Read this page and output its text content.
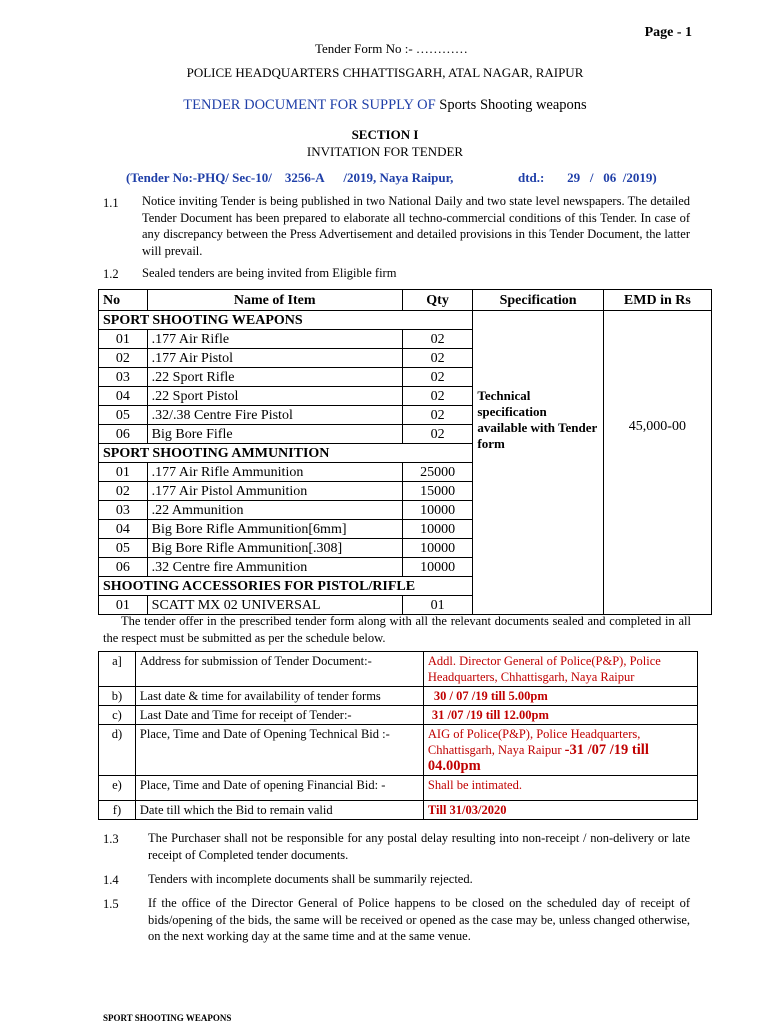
Page - 1
Tender Form No :- …………
POLICE HEADQUARTERS CHHATTISGARH, ATAL NAGAR, RAIPUR
TENDER DOCUMENT FOR SUPPLY OF Sports Shooting weapons
SECTION I
INVITATION FOR TENDER
(Tender No:-PHQ/ Sec-10/    3256-A      /2019, Naya Raipur,	dtd.:       29   /   06  /2019)
1.1 Notice inviting Tender is being published in two National Daily and two state level newspapers. The detailed Tender Document has been prepared to elaborate all techno-commercial conditions of this Tender. In case of any discrepancy between the Press Advertisement and detailed provisions in this Tender Document, the latter will prevail.
1.2 Sealed tenders are being invited from Eligible firm
No	Name of Item	Qty	Specification	EMD in Rs
SPORT SHOOTING WEAPONS				
01	.177 Air Rifle	02	Technical specification available with Tender form	45,000-00
02	.177 Air Pistol	02		
03	.22 Sport Rifle	02		
04	.22 Sport Pistol	02		
05	.32/.38 Centre Fire Pistol	02		
06	Big Bore Fifle	02		
SPORT SHOOTING AMMUNITION				
01	.177 Air Rifle Ammunition	25000		
02	.177 Air Pistol Ammunition	15000		
03	.22 Ammunition	10000		
04	Big Bore Rifle Ammunition[6mm]	10000		
05	Big Bore Rifle Ammunition[.308]	10000		
06	.32 Centre fire Ammunition	10000		
SHOOTING ACCESSORIES FOR PISTOL/RIFLE				
01	SCATT MX 02 UNIVERSAL	01		
The tender offer in the prescribed tender form along with all the relevant documents sealed and completed in all the respect must be submitted as per the schedule below.
a]	Address for submission of Tender Document:-	Addl. Director General of Police(P&P), Police Headquarters, Chhattisgarh, Naya Raipur
b)	Last date & time for availability of tender forms	30 / 07 /19 till 5.00pm
c)	Last Date and Time for receipt of Tender:-	31 /07 /19 till 12.00pm
d)	Place, Time and Date of Opening Technical Bid :-	AIG of Police(P&P), Police Headquarters, Chhattisgarh, Naya Raipur -31 /07 /19 till 04.00pm
e)	Place, Time and Date of opening Financial Bid: -	Shall be intimated.
f)	Date till which the Bid to remain valid	Till 31/03/2020
1.3 The Purchaser shall not be responsible for any postal delay resulting into non-receipt / non-delivery or late receipt of Completed tender documents.
1.4 Tenders with incomplete documents shall be summarily rejected.
1.5 If the office of the Director General of Police happens to be closed on the scheduled day of receipt of bids/opening of the bids, the same will be received or opened as the case may be, unless changed otherwise, on the next working day at the same time and at the same venue.
SPORT SHOOTING WEAPONS
